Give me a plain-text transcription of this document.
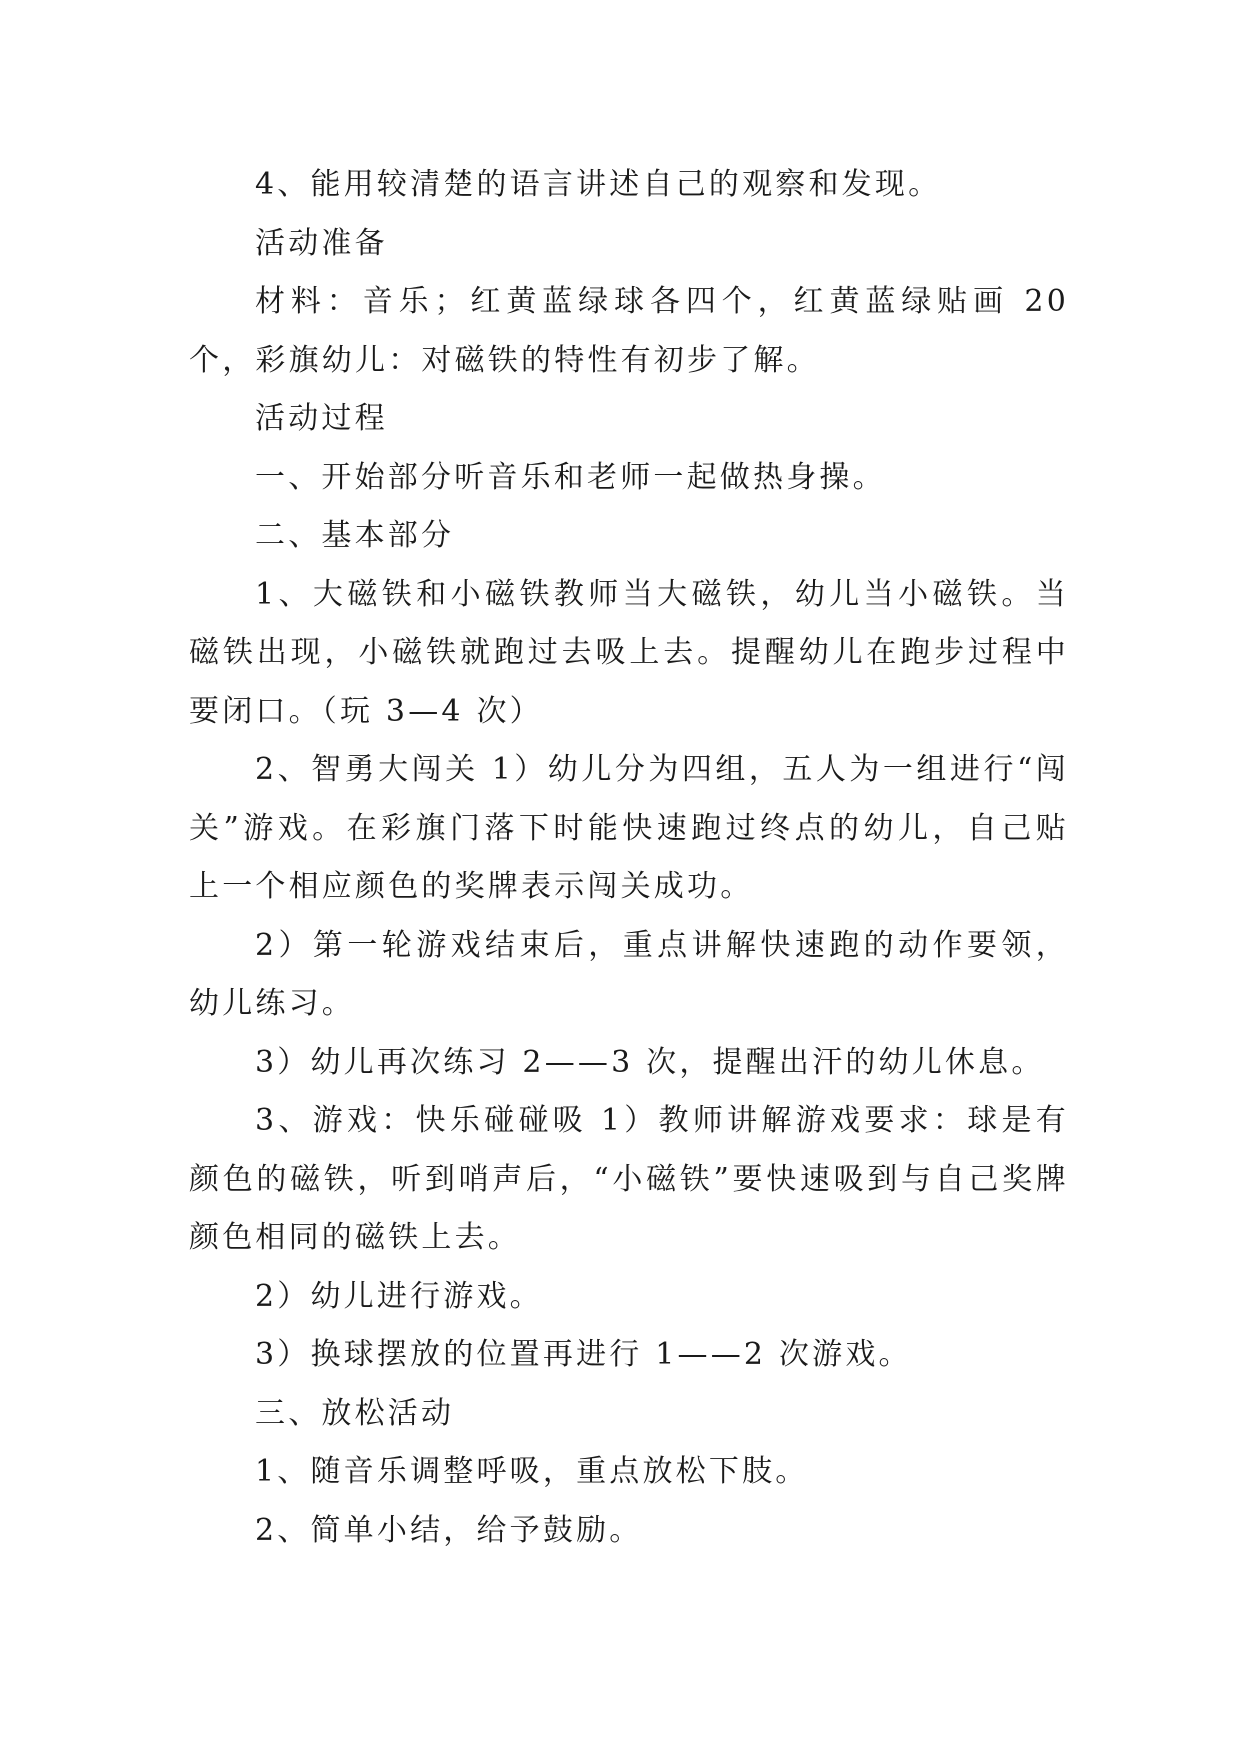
4、能用较清楚的语言讲述自己的观察和发现。

活动准备

材料：音乐；红黄蓝绿球各四个，红黄蓝绿贴画 20 个，彩旗幼儿：对磁铁的特性有初步了解。

活动过程

一、开始部分听音乐和老师一起做热身操。

二、基本部分

1、大磁铁和小磁铁教师当大磁铁，幼儿当小磁铁。当磁铁出现，小磁铁就跑过去吸上去。提醒幼儿在跑步过程中要闭口。（玩 3—4 次）

2、智勇大闯关 1）幼儿分为四组，五人为一组进行“闯关”游戏。在彩旗门落下时能快速跑过终点的幼儿，自己贴上一个相应颜色的奖牌表示闯关成功。

2）第一轮游戏结束后，重点讲解快速跑的动作要领，幼儿练习。

3）幼儿再次练习 2——3 次，提醒出汗的幼儿休息。

3、游戏：快乐碰碰吸 1）教师讲解游戏要求：球是有颜色的磁铁，听到哨声后，“小磁铁”要快速吸到与自己奖牌颜色相同的磁铁上去。

2）幼儿进行游戏。

3）换球摆放的位置再进行 1——2 次游戏。

三、放松活动

1、随音乐调整呼吸，重点放松下肢。

2、简单小结，给予鼓励。
